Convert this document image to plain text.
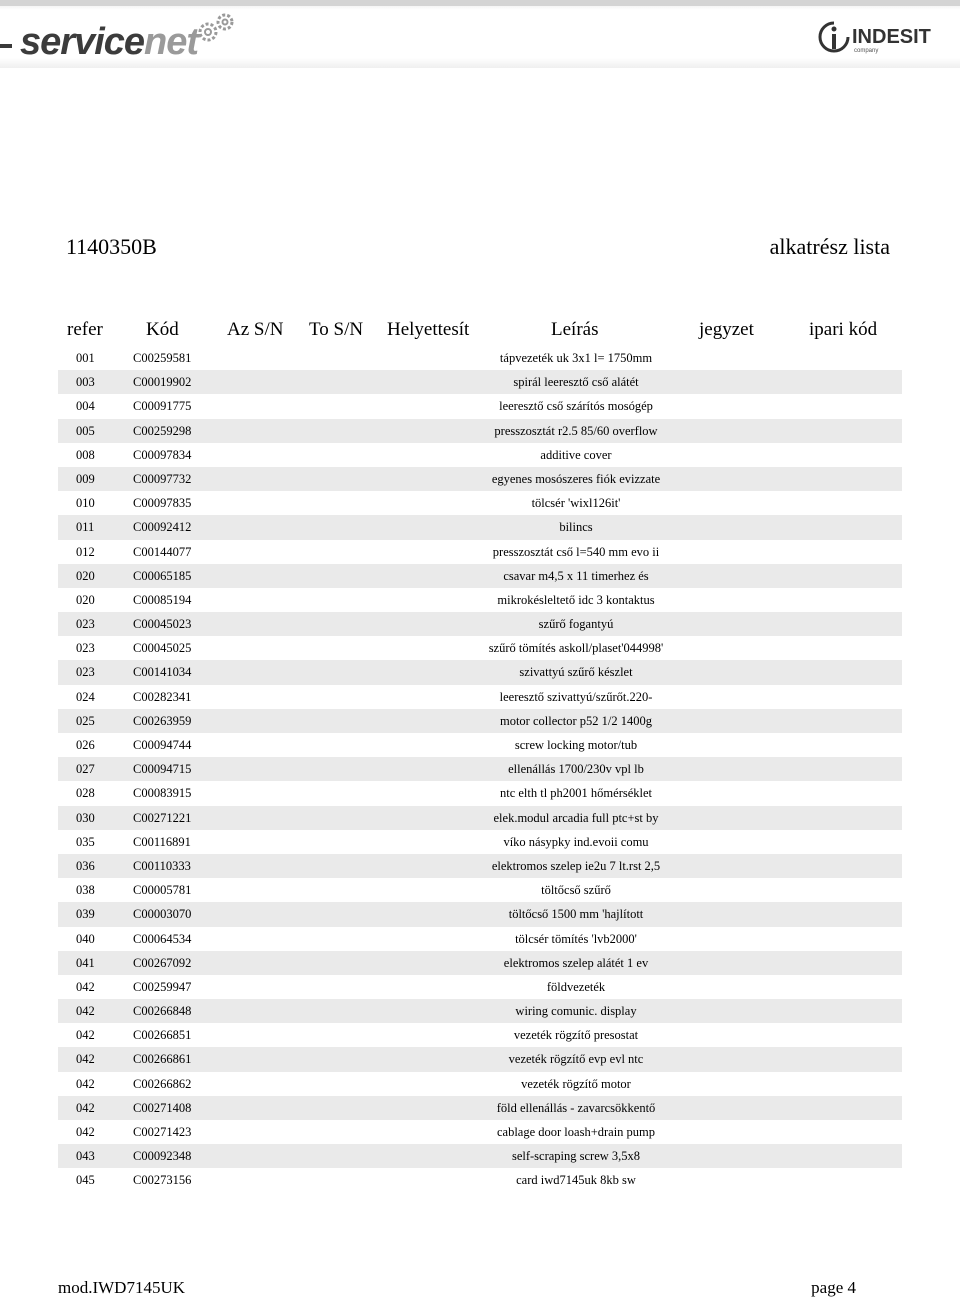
service net	INDESIT
company
1140350B	alkatrész lista
refer Kód	Az S/N To S/N Helyettesít	Leírás	jegyzet	ipari kód
001	C00259581	tápvezeték uk 3x1 l= 1750mm
003	C00019902	spirál leeresztő cső alátét
004	C00091775	leeresztő cső szárítós mosógép
005	C00259298	presszosztát r2.5 85/60 overflow
008	C00097834	additive cover
009	C00097732	egyenes mosószeres fiók evizzate
010	C00097835	tölcsér 'wixl126it'
011	C00092412	bilincs
012	C00144077	presszosztát cső l=540 mm evo ii
020	C00065185	csavar m4,5 x 11 timerhez és
020	C00085194	mikrokésleltető idc 3 kontaktus
023	C00045023	szűrő fogantyú
023	C00045025	szűrő tömítés askoll/plaset'044998'
023	C00141034	szivattyú szűrő készlet
024	C00282341	leeresztő szivattyú/szűrőt.220-
025	C00263959	motor collector p52 1/2 1400g
026	C00094744	screw locking motor/tub
027	C00094715	ellenállás 1700/230v vpl lb
028	C00083915	ntc elth tl ph2001 hőmérséklet
030	C00271221	elek.modul arcadia full ptc+st by
035	C00116891	víko násypky ind.evoii comu
036	C00110333	elektromos szelep ie2u 7 lt.rst 2,5
038	C00005781	töltőcső szűrő
039	C00003070	töltőcső 1500 mm 'hajlított
040	C00064534	tölcsér tömítés 'lvb2000'
041	C00267092	elektromos szelep alátét 1 ev
042	C00259947	földvezeték
042	C00266848	wiring comunic. display
042	C00266851	vezeték rögzítő presostat
042	C00266861	vezeték rögzítő evp evl ntc
042	C00266862	vezeték rögzítő motor
042	C00271408	föld ellenállás - zavarcsökkentő
042	C00271423	cablage door loash+drain pump
043	C00092348	self-scraping screw 3,5x8
045	C00273156	card iwd7145uk 8kb sw
mod.IWD7145UK	page 4
